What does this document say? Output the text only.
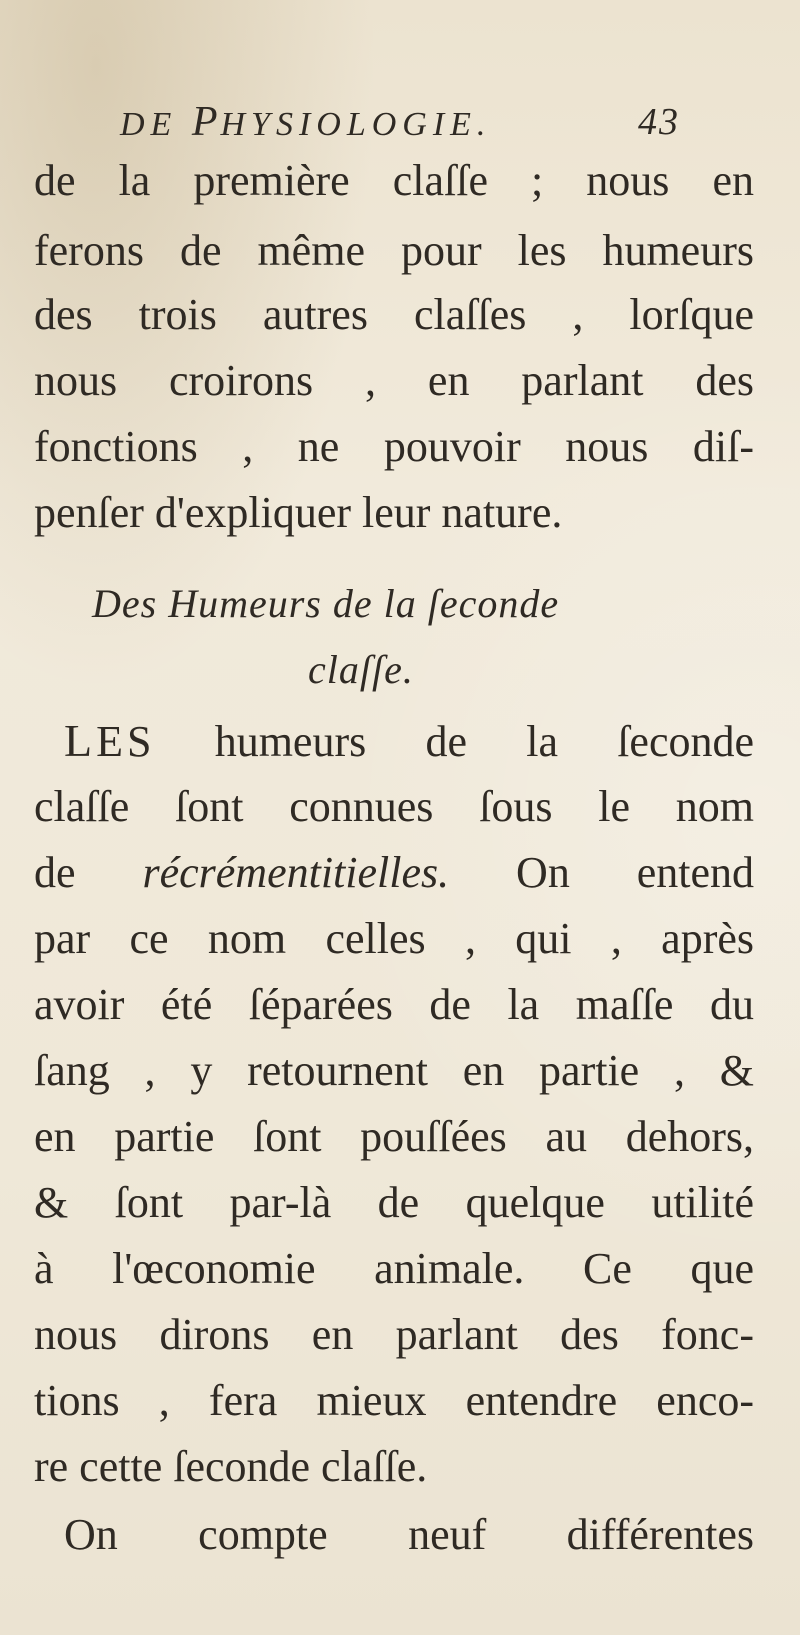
DE PHYSIOLOGIE.	43
de la première claſſe ; nous en
ferons de même pour les humeurs
des trois autres claſſes , lorſque
nous croirons , en parlant des
fonctions , ne pouvoir nous diſ-
penſer d'expliquer leur nature.
Des Humeurs de la ſeconde
claſſe.
LES humeurs de la ſeconde
claſſe ſont connues ſous le nom
de récrémentitielles. On entend
par ce nom celles , qui , après
avoir été ſéparées de la maſſe du
ſang , y retournent en partie , &
en partie ſont pouſſées au dehors,
& ſont par-là de quelque utilité
à l'œconomie animale. Ce que
nous dirons en parlant des fonc-
tions , fera mieux entendre enco-
re cette ſeconde claſſe.
On compte neuf différentes
